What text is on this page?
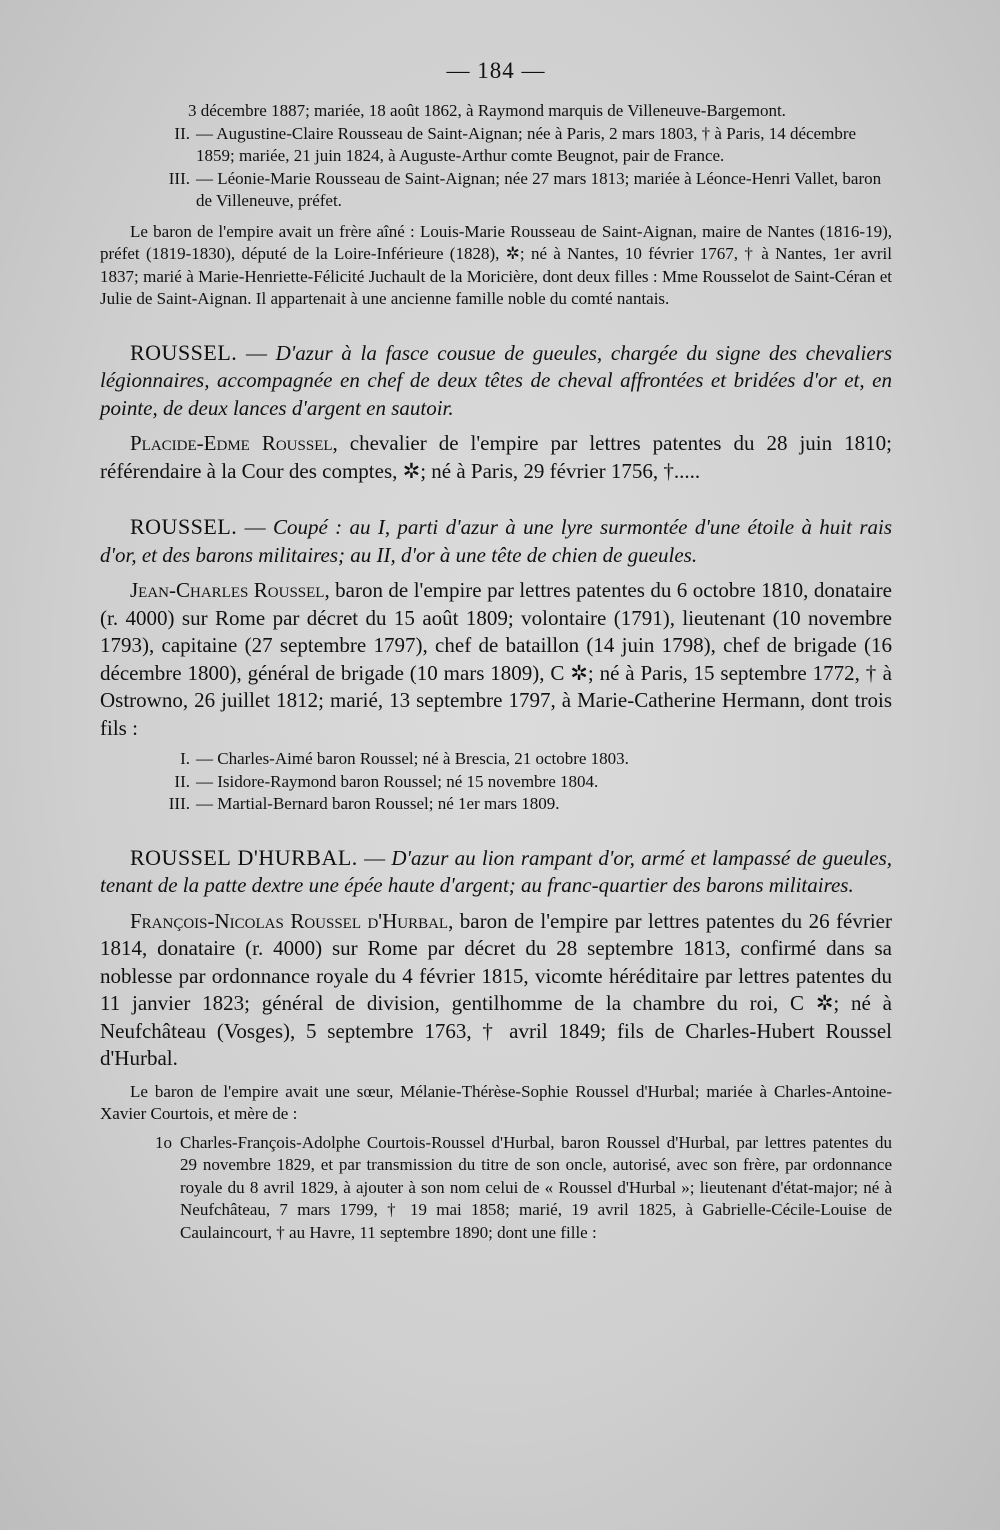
— 184 —

3 décembre 1887; mariée, 18 août 1862, à Raymond marquis de Villeneuve-Bargemont.

II. — Augustine-Claire Rousseau de Saint-Aignan; née à Paris, 2 mars 1803, † à Paris, 14 décembre 1859; mariée, 21 juin 1824, à Auguste-Arthur comte Beugnot, pair de France.
III. — Léonie-Marie Rousseau de Saint-Aignan; née 27 mars 1813; mariée à Léonce-Henri Vallet, baron de Villeneuve, préfet.

Le baron de l'empire avait un frère aîné : Louis-Marie Rousseau de Saint-Aignan, maire de Nantes (1816-19), préfet (1819-1830), député de la Loire-Inférieure (1828), ✲; né à Nantes, 10 février 1767, † à Nantes, 1er avril 1837; marié à Marie-Henriette-Félicité Juchault de la Moricière, dont deux filles : Mme Rousselot de Saint-Céran et Julie de Saint-Aignan. Il appartenait à une ancienne famille noble du comté nantais.

ROUSSEL. — D'azur à la fasce cousue de gueules, chargée du signe des chevaliers légionnaires, accompagnée en chef de deux têtes de cheval affrontées et bridées d'or et, en pointe, de deux lances d'argent en sautoir.

Placide-Edme Roussel, chevalier de l'empire par lettres patentes du 28 juin 1810; référendaire à la Cour des comptes, ✲; né à Paris, 29 février 1756, †.....

ROUSSEL. — Coupé : au I, parti d'azur à une lyre surmontée d'une étoile à huit rais d'or, et des barons militaires; au II, d'or à une tête de chien de gueules.

Jean-Charles Roussel, baron de l'empire par lettres patentes du 6 octobre 1810, donataire (r. 4000) sur Rome par décret du 15 août 1809; volontaire (1791), lieutenant (10 novembre 1793), capitaine (27 septembre 1797), chef de bataillon (14 juin 1798), chef de brigade (16 décembre 1800), général de brigade (10 mars 1809), C ✲; né à Paris, 15 septembre 1772, † à Ostrowno, 26 juillet 1812; marié, 13 septembre 1797, à Marie-Catherine Hermann, dont trois fils :

I. — Charles-Aimé baron Roussel; né à Brescia, 21 octobre 1803.
II. — Isidore-Raymond baron Roussel; né 15 novembre 1804.
III. — Martial-Bernard baron Roussel; né 1er mars 1809.

ROUSSEL D'HURBAL. — D'azur au lion rampant d'or, armé et lampassé de gueules, tenant de la patte dextre une épée haute d'argent; au franc-quartier des barons militaires.

François-Nicolas Roussel d'Hurbal, baron de l'empire par lettres patentes du 26 février 1814, donataire (r. 4000) sur Rome par décret du 28 septembre 1813, confirmé dans sa noblesse par ordonnance royale du 4 février 1815, vicomte héréditaire par lettres patentes du 11 janvier 1823; général de division, gentilhomme de la chambre du roi, C ✲; né à Neufchâteau (Vosges), 5 septembre 1763, † avril 1849; fils de Charles-Hubert Roussel d'Hurbal.

Le baron de l'empire avait une sœur, Mélanie-Thérèse-Sophie Roussel d'Hurbal; mariée à Charles-Antoine-Xavier Courtois, et mère de :

1o Charles-François-Adolphe Courtois-Roussel d'Hurbal, baron Roussel d'Hurbal, par lettres patentes du 29 novembre 1829, et par transmission du titre de son oncle, autorisé, avec son frère, par ordonnance royale du 8 avril 1829, à ajouter à son nom celui de « Roussel d'Hurbal »; lieutenant d'état-major; né à Neufchâteau, 7 mars 1799, † 19 mai 1858; marié, 19 avril 1825, à Gabrielle-Cécile-Louise de Caulaincourt, † au Havre, 11 septembre 1890; dont une fille :
